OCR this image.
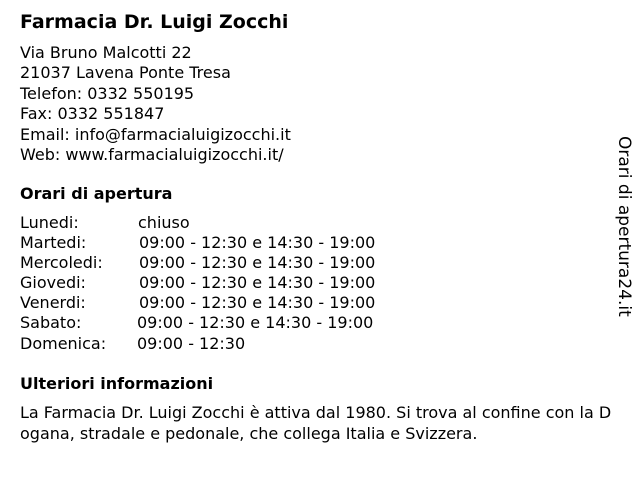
Farmacia Dr. Luigi Zocchi
Via Bruno Malcotti 22
21037 Lavena Ponte Tresa
Telefon: 0332 550195
Fax: 0332 551847
Email: info@farmacialuigizocchi.it
Web: www.farmacialuigizocchi.it/
Orari di apertura
Lunedi:	chiuso
Martedi:	09:00 - 12:30 e 14:30 - 19:00
Mercoledi: 09:00 - 12:30 e 14:30 - 19:00
Giovedi:	09:00 - 12:30 e 14:30 - 19:00
Venerdi:	09:00 - 12:30 e 14:30 - 19:00
Sabato:	09:00 - 12:30 e 14:30 - 19:00
Domenica: 09:00 - 12:30
Ulteriori informazioni
La Farmacia Dr. Luigi Zocchi è attiva dal 1980. Si trova al confine con la Dogana, stradale e pedonale, che collega Italia e Svizzera.
Orari di apertura24.it
